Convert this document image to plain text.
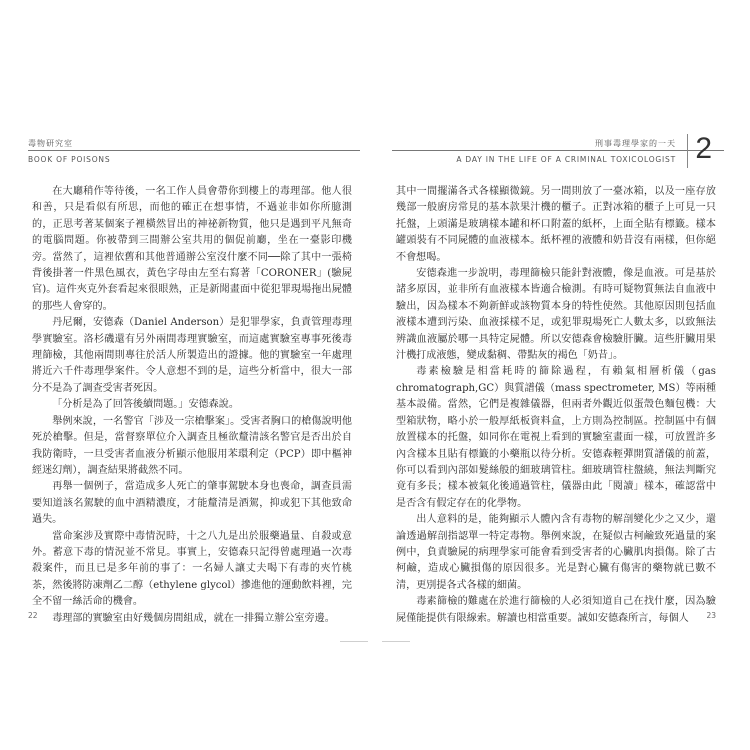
毒物研究室
BOOK OF POISONS

在大廳稍作等待後，一名工作人員會帶你到樓上的毒理部。他人很和善，只是看似有所思，而他的確正在想事情，不過並非如你所臆測的，正思考著某個案子裡橫然冒出的神祕新物質，他只是遇到平凡無奇的電腦問題。你被帶到三間辦公室共用的個促前廳，坐在一臺影印機旁。當然了，這裡依舊和其他普通辦公室沒什麼不同──除了其中一張椅背後掛著一件黑色風衣，黃色字母由左至右寫著「CORONER」(驗屍官)。這件夾克外套看起來很眼熟，正是新聞畫面中從犯罪現場拖出屍體的那些人會穿的。

丹尼爾，安德森（Daniel Anderson）是犯罪學家，負責管理毒理學實驗室。洛杉磯還有另外兩間毒理實驗室，而這處實驗室專事死後毒理篩檢，其他兩間則專往於活人所製造出的證據。他的實驗室一年處理將近六千件毒理學案件。令人意想不到的是，這些分析當中，很大一部分不是為了調查受害者死因。

「分析是為了回答後續問題。」安德森說。

舉例來說，一名警官「涉及一宗槍擊案」。受害者胸口的槍傷說明他死於槍擊。但是，當督察單位介入調查且極欲釐清該名警官是否出於自我防衛時，一旦受害者血液分析顯示他服用苯環利定（PCP）即中樞神經迷幻劑），調查結果將截然不同。

再舉一個例子，當造成多人死亡的肇事駕駛本身也喪命，調查員需要知道該名駕駛的血中酒精濃度，才能釐清是酒駕，抑或犯下其他致命過失。

當命案涉及實際中毒情況時，十之八九是出於服藥過量、自殺或意外。蓄意下毒的情況並不常見。事實上，安德森只記得曾處理過一次毒殺案件，而且已是多年前的事了：一名婦人讓丈夫喝下有毒的夾竹桃茶，然後將防凍劑乙二醇（ethylene glycol）摻進他的運動飲料裡，完全不留一絲活命的機會。

毒理部的實驗室由好幾個房間組成，就在一排獨立辦公室旁邊。

22
刑事毒理學家的一天
A DAY IN THE LIFE OF A CRIMINAL TOXICOLOGIST 2

其中一間擺滿各式各樣顯微鏡。另一間則放了一臺冰箱，以及一座存放幾部一般廚房常見的基本款果汁機的櫃子。正對冰箱的櫃子上可見一只托盤，上頭滿是玻璃樣本罐和杯口附蓋的紙杯，上面全貼有標籤。樣本罐頭裝有不同屍體的血液樣本。紙杯裡的液體和奶昔沒有兩樣，但你絕不會想喝。

安德森進一步說明，毒理篩檢只能針對液體，像是血液。可是基於諸多原因，並非所有血液樣本皆適合檢測。有時可疑物質無法自血液中驗出，因為樣本不夠新鮮或該物質本身的特性使然。其他原因則包括血液樣本遭到污染、血液採樣不足，或犯罪現場死亡人數太多，以致無法辨識血液屬於哪一具特定屍體。所以安德森會檢驗肝臟。這些肝臟用果汁機打成液態，變成黏稠、帶點灰的褐色「奶昔」。

毒素檢驗是相當耗時的篩除過程，有賴氣相層析儀（gas chromatograph,GC）與質譜儀（mass spectrometer, MS）等兩種基本設備。當然，它們是複雜儀器，但兩者外觀近似蛋殼色麵包機：大型箱狀物，略小於一般厚紙板資料盒，上方則為控制區。控制區中有個放置樣本的托盤，如同你在電視上看到的實驗室畫面一樣，可放置許多內含樣本且貼有標籤的小藥瓶以待分析。安德森輕彈開質譜儀的前蓋，你可以看到內部如髮絲般的細玻璃管柱。細玻璃管柱盤繞，無法判斷究竟有多長；樣本被氣化後通過管柱，儀器由此「閱讀」樣本，確認當中是否含有假定存在的化學物。

出人意料的是，能夠顯示人體內含有毒物的解剖變化少之又少，還論透過解剖指認單一特定毒物。舉例來說，在疑似古柯鹼致死過量的案例中，負責驗屍的病理學家可能會看到受害者的心臟肌肉損傷。除了古柯鹼，造成心臟損傷的原因很多。光是對心臟有傷害的藥物就已數不清，更別提各式各樣的細菌。

毒素篩檢的難處在於進行篩檢的人必須知道自己在找什麼，因為驗屍僅能提供有限線索。解讀也相當重要。誠如安德森所言，每個人	23
